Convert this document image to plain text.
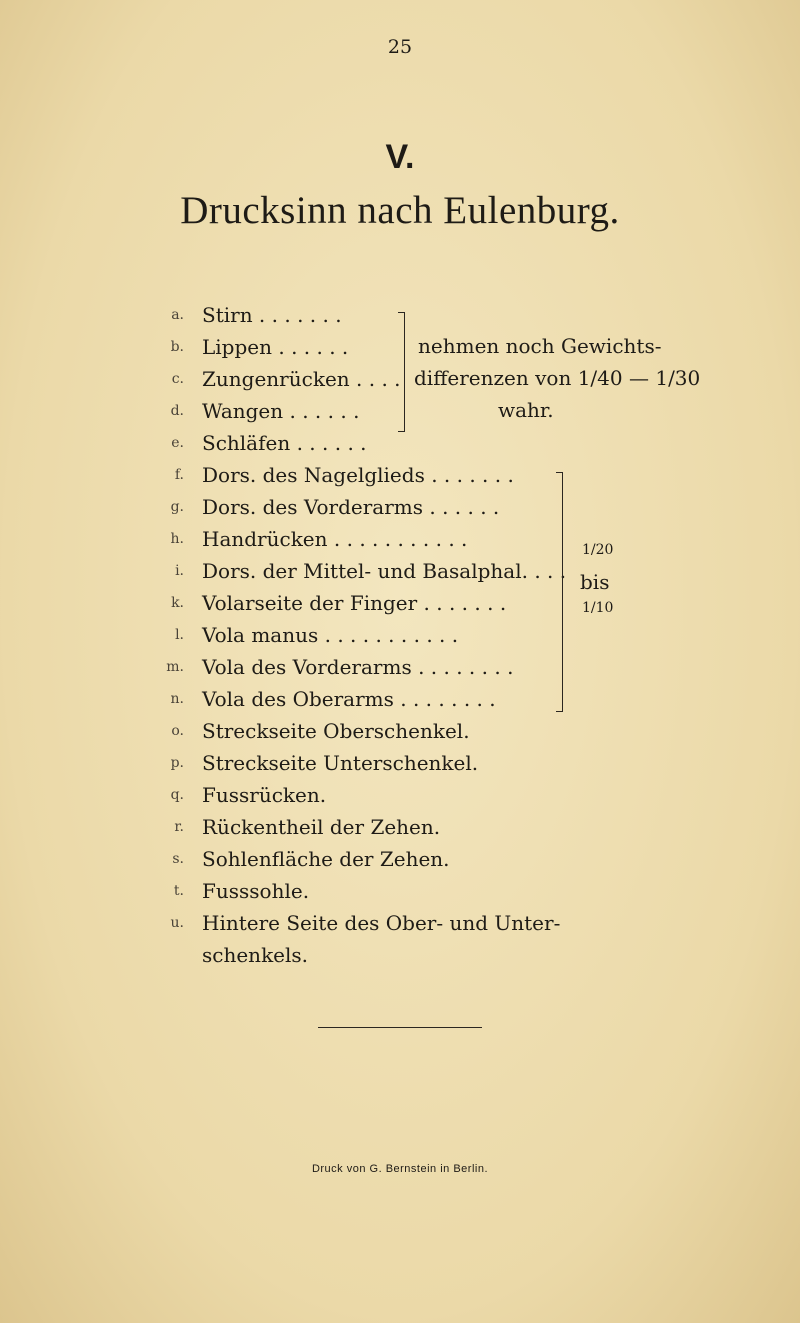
25
V.
Drucksinn nach Eulenburg.
a. Stirn . . . . . . .
b. Lippen . . . . . .
c. Zungenrücken . . . .
d. Wangen . . . . . .
e. Schläfen . . . . . .
f. Dors. des Nagelglieds . . . . . . .
g. Dors. des Vorderarms . . . . . .
h. Handrücken . . . . . . . . . . .
i. Dors. der Mittel- und Basalphal. . . .
k. Volarseite der Finger . . . . . . .
l. Vola manus . . . . . . . . . . .
m. Vola des Vorderarms . . . . . . . .
n. Vola des Oberarms . . . . . . . .
o. Streckseite Oberschenkel.
p. Streckseite Unterschenkel.
q. Fussrücken.
r. Rückentheil der Zehen.
s. Sohlenfläche der Zehen.
t. Fusssohle.
u. Hintere Seite des Ober- und Unter-
schenkels.
nehmen noch Gewichts-
differenzen von 1/40 — 1/30
wahr.
1/20
bis
1/10
Druck von G. Bernstein in Berlin.
